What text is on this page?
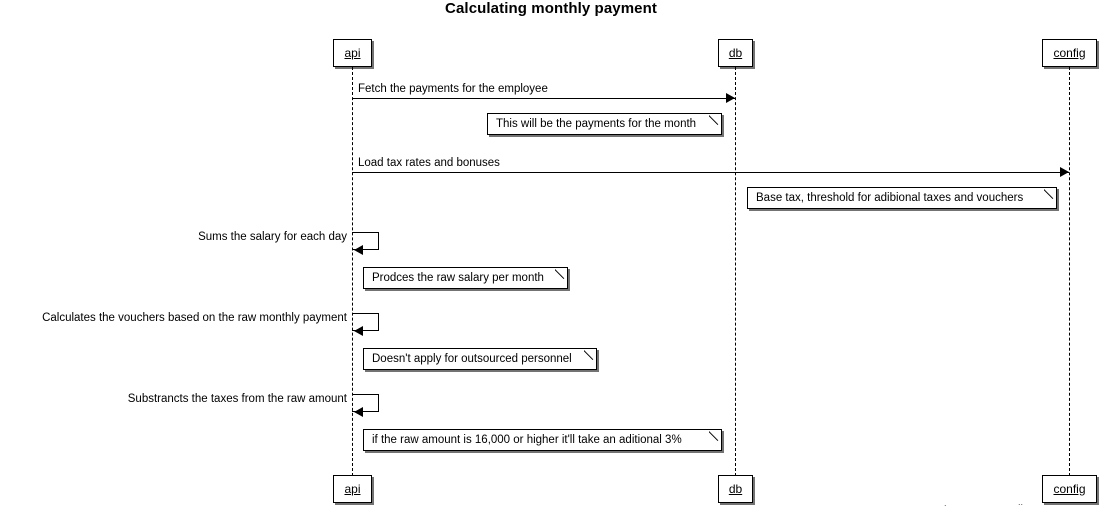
Calculating monthly payment
api	db	config
api	db	config
Fetch the payments for the employee
This will be the payments for the month
Load tax rates and bonuses
Base tax, threshold for adibional taxes and vouchers
Sums the salary for each day
Prodces the raw salary per month
Calculates the vouchers based on the raw monthly payment
Doesn't apply for outsourced personnel
Substrancts the taxes from the raw amount
if the raw amount is 16,000 or higher it'll take an aditional 3%
.	..
